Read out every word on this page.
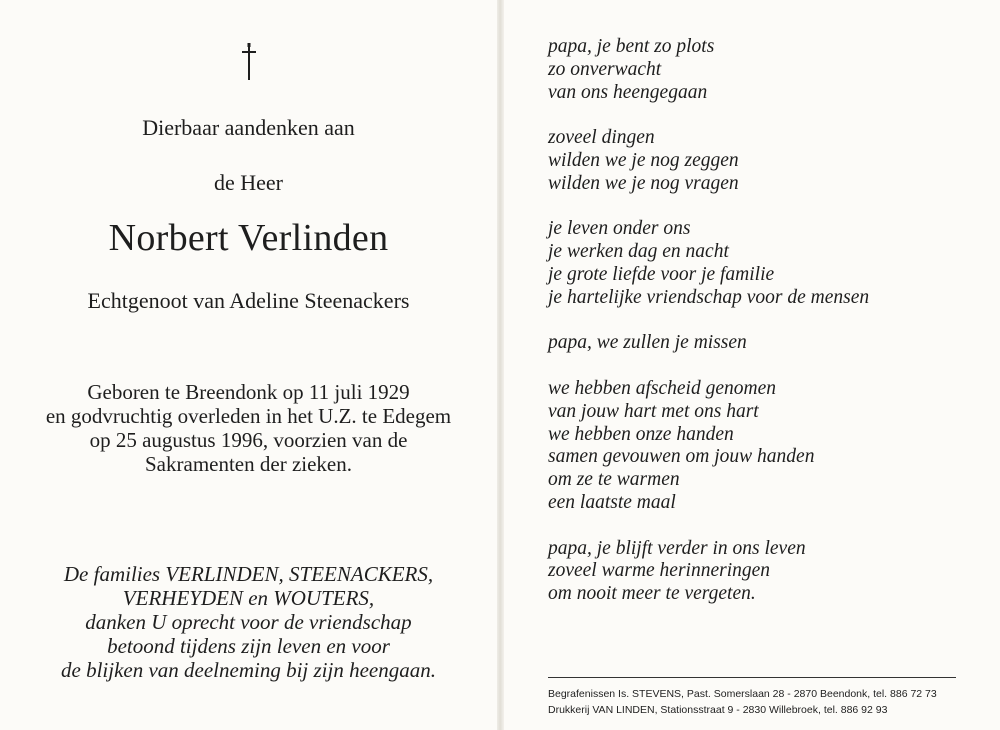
Dierbaar aandenken aan
de Heer
Norbert Verlinden
Echtgenoot van Adeline Steenackers
Geboren te Breendonk op 11 juli 1929
en godvruchtig overleden in het U.Z. te Edegem
op 25 augustus 1996, voorzien van de
Sakramenten der zieken.
De families VERLINDEN, STEENACKERS,
VERHEYDEN en WOUTERS,
danken U oprecht voor de vriendschap
betoond tijdens zijn leven en voor
de blijken van deelneming bij zijn heengaan.
papa, je bent zo plots
zo onverwacht
van ons heengegaan
zoveel dingen
wilden we je nog zeggen
wilden we je nog vragen
je leven onder ons
je werken dag en nacht
je grote liefde voor je familie
je hartelijke vriendschap voor de mensen
papa, we zullen je missen
we hebben afscheid genomen
van jouw hart met ons hart
we hebben onze handen
samen gevouwen om jouw handen
om ze te warmen
een laatste maal
papa, je blijft verder in ons leven
zoveel warme herinneringen
om nooit meer te vergeten.
Begrafenissen Is. STEVENS, Past. Somerslaan 28 - 2870 Beendonk, tel. 886 72 73
Drukkerij VAN LINDEN, Stationsstraat 9 - 2830 Willebroek, tel. 886 92 93
